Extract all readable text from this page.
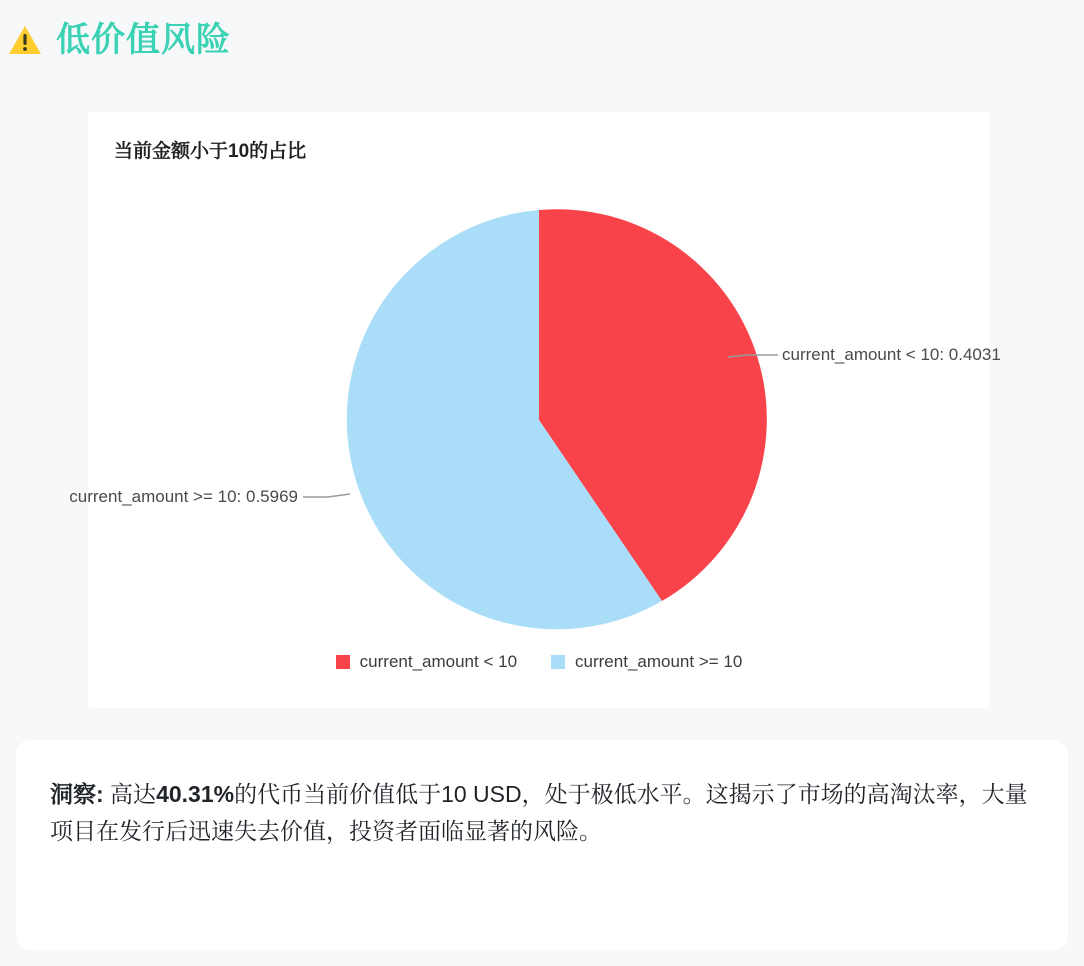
低价值风险
当前金额小于10的占比
current_amount < 10: 0.4031
current_amount >= 10: 0.5969
current_amount < 10	current_amount >= 10
洞察: 高达40.31%的代币当前价值低于10 USD，处于极低水平。这揭示了市场的高淘汰率，大量项目在发行后迅速失去价值，投资者面临显著的风险。
